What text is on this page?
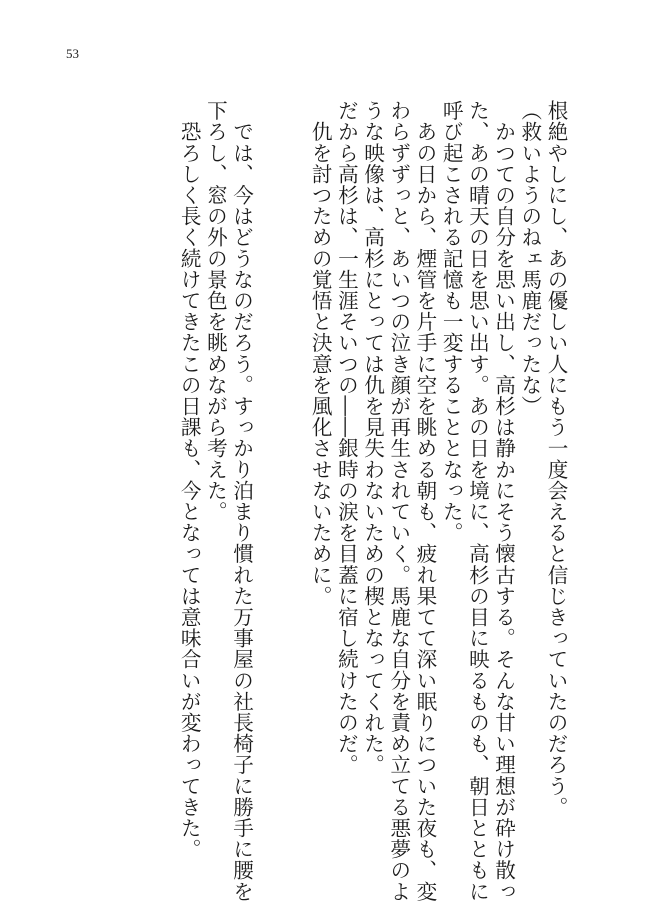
53

根絶やしにし、あの優しい人にもう一度会えると信じきっていたのだろう。

（救いようのねェ馬鹿だったな）

　かつての自分を思い出し、高杉は静かにそう懐古する。そんな甘い理想が砕け散っ

た、あの晴天の日を思い出す。あの日を境に、高杉の目に映るものも、朝日とともに

呼び起こされる記憶も一変することとなった。

　あの日から、煙管を片手に空を眺める朝も、疲れ果てて深い眠りについた夜も、変

わらずずっと、あいつの泣き顔が再生されていく。馬鹿な自分を責め立てる悪夢のよ

うな映像は、高杉にとっては仇を見失わないための楔となってくれた。

だから高杉は、一生涯そいつの――銀時の涙を目蓋に宿し続けたのだ。

　仇を討つための覚悟と決意を風化させないために。

　では、今はどうなのだろう。すっかり泊まり慣れた万事屋の社長椅子に勝手に腰を

下ろし、窓の外の景色を眺めながら考えた。

　恐ろしく長く続けてきたこの日課も、今となっては意味合いが変わってきた。
